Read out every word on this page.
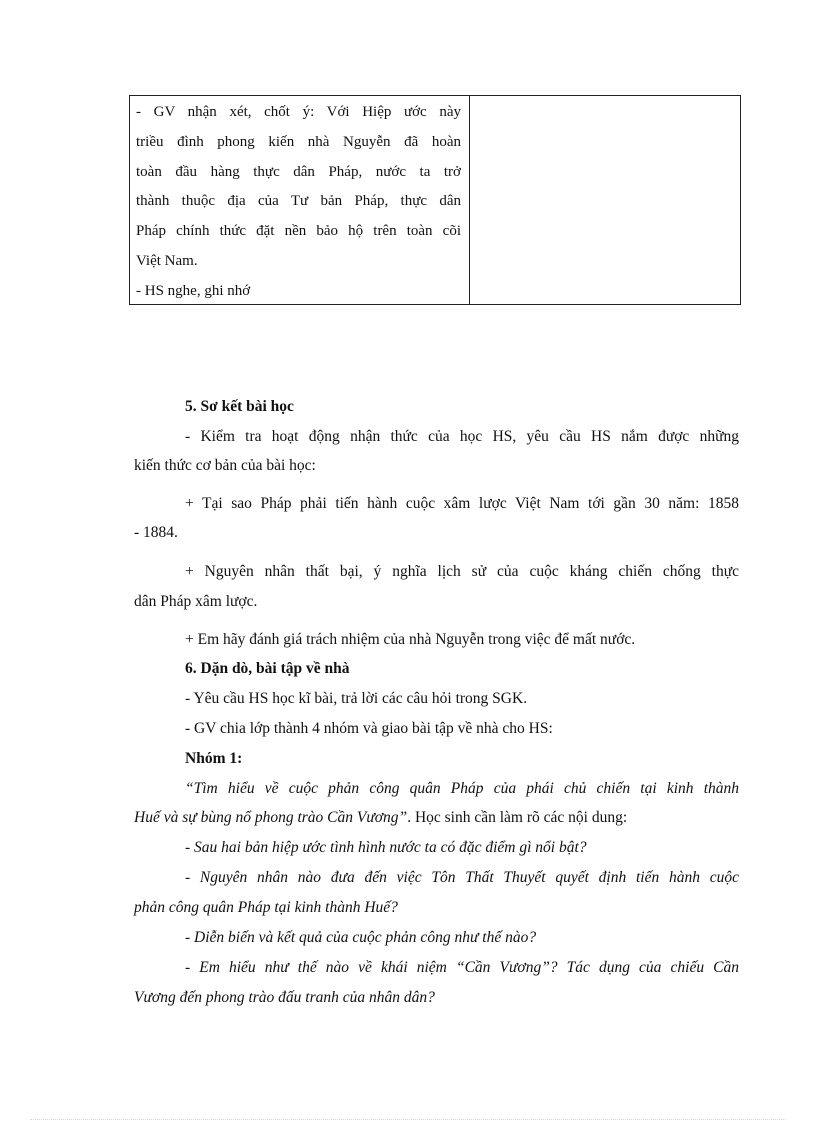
- GV nhận xét, chốt ý: Với Hiệp ước này
triều đình phong kiến nhà Nguyễn đã hoàn
toàn đầu hàng thực dân Pháp, nước ta trở
thành thuộc địa của Tư bản Pháp, thực dân
Pháp chính thức đặt nền bảo hộ trên toàn cõi
Việt Nam.
- HS nghe, ghi nhớ
5. Sơ kết bài học
- Kiểm tra hoạt động nhận thức của học HS, yêu cầu HS nắm được những
kiến thức cơ bản của bài học:
+ Tại sao Pháp phải tiến hành cuộc xâm lược Việt Nam tới gần 30 năm: 1858
- 1884.
+ Nguyên nhân thất bại, ý nghĩa lịch sử của cuộc kháng chiến chống thực
dân Pháp xâm lược.
+ Em hãy đánh giá trách nhiệm của nhà Nguyễn trong việc để mất nước.
6. Dặn dò, bài tập về nhà
- Yêu cầu HS học kĩ bài, trả lời các câu hỏi trong SGK.
- GV chia lớp thành 4 nhóm và giao bài tập về nhà cho HS:
Nhóm 1:
“Tìm hiểu về cuộc phản công quân Pháp của phái chủ chiến tại kinh thành
Huế và sự bùng nổ phong trào Cần Vương”. Học sinh cần làm rõ các nội dung:
- Sau hai bản hiệp ước tình hình nước ta có đặc điểm gì nổi bật?
- Nguyên nhân nào đưa đến việc Tôn Thất Thuyết quyết định tiến hành cuộc
phản công quân Pháp tại kinh thành Huế?
- Diễn biến và kết quả của cuộc phản công như thế nào?
- Em hiểu như thế nào về khái niệm “Cần Vương”? Tác dụng của chiếu Cần
Vương đến phong trào đấu tranh của nhân dân?
